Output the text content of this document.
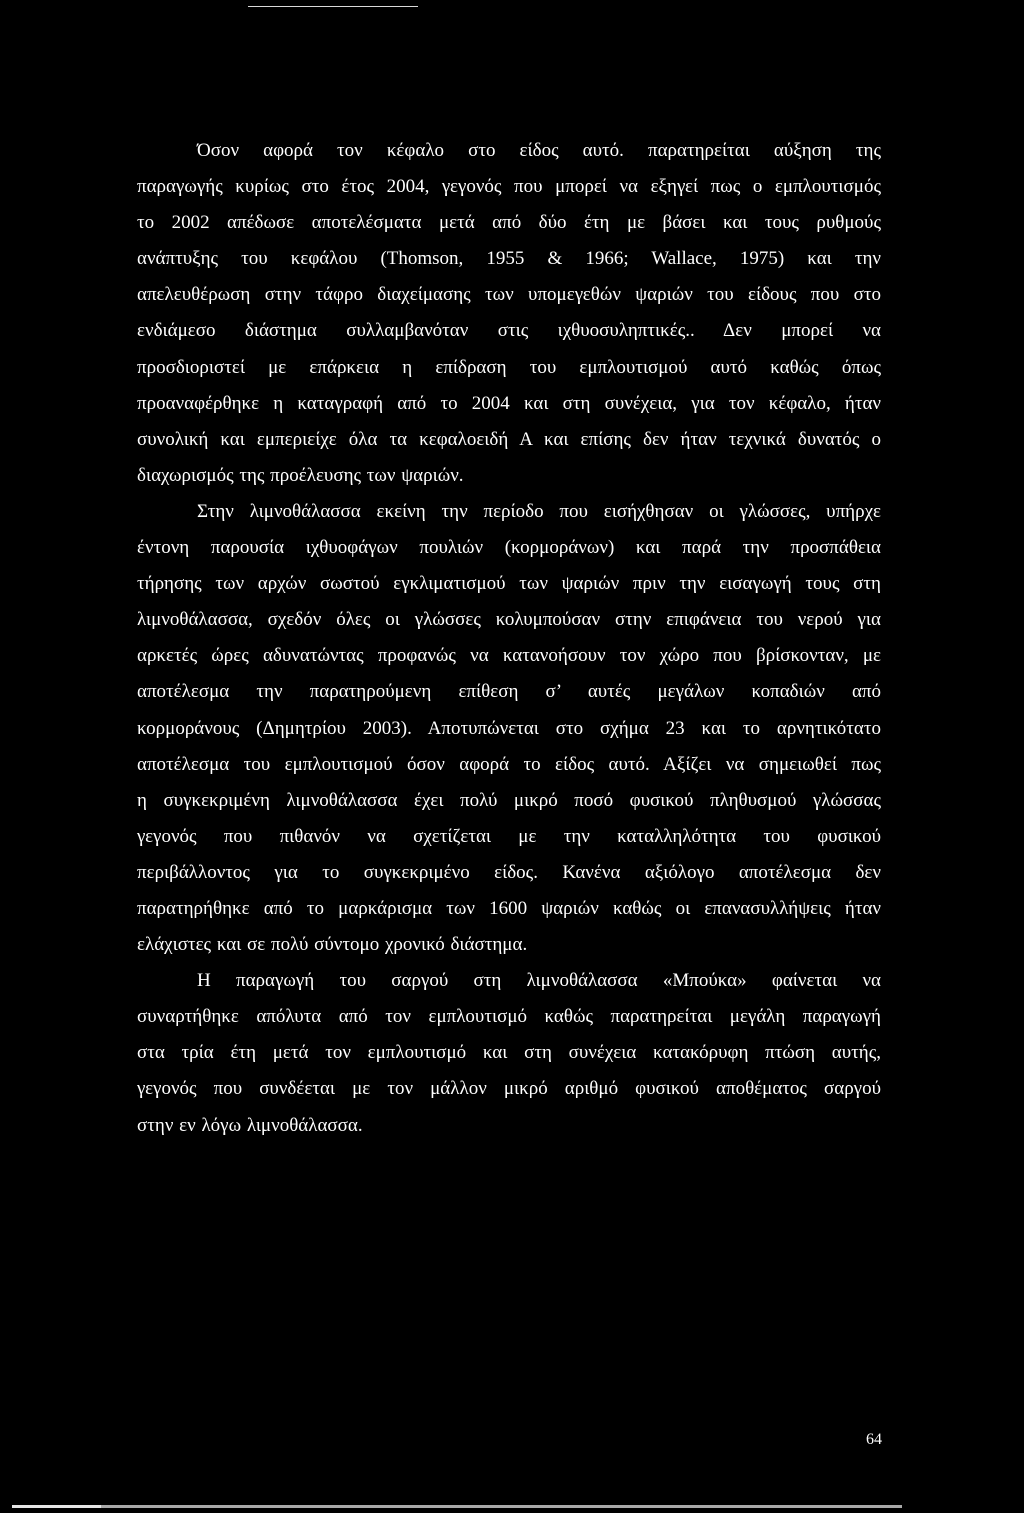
Όσον αφορά τον κέφαλο στο είδος αυτό. παρατηρείται αύξηση της
παραγωγής κυρίως στο έτος 2004, γεγονός που μπορεί να εξηγεί πως ο εμπλουτισμός
το 2002 απέδωσε αποτελέσματα μετά από δύο έτη με βάσει και τους ρυθμούς
ανάπτυξης του κεφάλου (Thomson, 1955 & 1966; Wallace, 1975) και την
απελευθέρωση στην τάφρο διαχείμασης των υπομεγεθών ψαριών του είδους που στο
ενδιάμεσο διάστημα συλλαμβανόταν στις ιχθυοσυληπτικές.. Δεν μπορεί να
προσδιοριστεί με επάρκεια η επίδραση του εμπλουτισμού αυτό καθώς όπως
προαναφέρθηκε η καταγραφή από το 2004 και στη συνέχεια, για τον κέφαλο, ήταν
συνολική και εμπεριείχε όλα τα κεφαλοειδή Α και επίσης δεν ήταν τεχνικά δυνατός ο
διαχωρισμός της προέλευσης των ψαριών.
Στην λιμνοθάλασσα εκείνη την περίοδο που εισήχθησαν οι γλώσσες, υπήρχε
έντονη παρουσία ιχθυοφάγων πουλιών (κορμοράνων) και παρά την προσπάθεια
τήρησης των αρχών σωστού εγκλιματισμού των ψαριών πριν την εισαγωγή τους στη
λιμνοθάλασσα, σχεδόν όλες οι γλώσσες κολυμπούσαν στην επιφάνεια του νερού για
αρκετές ώρες αδυνατώντας προφανώς να κατανοήσουν τον χώρο που βρίσκονταν, με
αποτέλεσμα την παρατηρούμενη επίθεση σ’ αυτές μεγάλων κοπαδιών από
κορμοράνους (Δημητρίου 2003). Αποτυπώνεται στο σχήμα 23 και το αρνητικότατο
αποτέλεσμα του εμπλουτισμού όσον αφορά το είδος αυτό. Αξίζει να σημειωθεί πως
η συγκεκριμένη λιμνοθάλασσα έχει πολύ μικρό ποσό φυσικού πληθυσμού γλώσσας
γεγονός που πιθανόν να σχετίζεται με την καταλληλότητα του φυσικού
περιβάλλοντος για το συγκεκριμένο είδος. Κανένα αξιόλογο αποτέλεσμα δεν
παρατηρήθηκε από το μαρκάρισμα των 1600 ψαριών καθώς οι επανασυλλήψεις ήταν
ελάχιστες και σε πολύ σύντομο χρονικό διάστημα.
Η παραγωγή του σαργού στη λιμνοθάλασσα «Μπούκα» φαίνεται να
συναρτήθηκε απόλυτα από τον εμπλουτισμό καθώς παρατηρείται μεγάλη παραγωγή
στα τρία έτη μετά τον εμπλουτισμό και στη συνέχεια κατακόρυφη πτώση αυτής,
γεγονός που συνδέεται με τον μάλλον μικρό αριθμό φυσικού αποθέματος σαργού
στην εν λόγω λιμνοθάλασσα.
64
